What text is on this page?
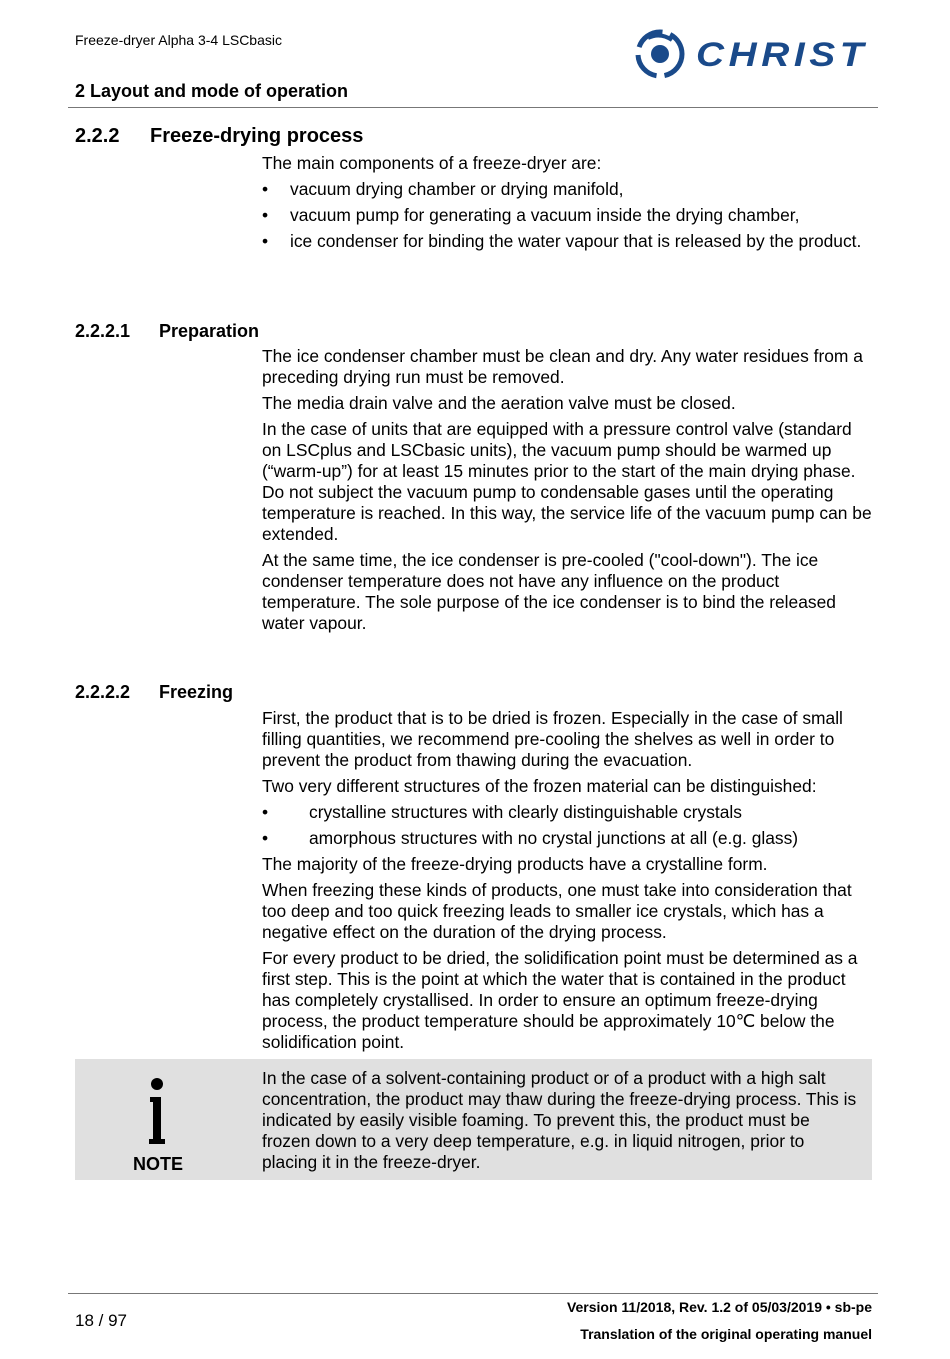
Freeze-dryer Alpha 3-4 LSCbasic
2 Layout and mode of operation
CHRIST
2.2.2 Freeze-drying process

The main components of a freeze-dryer are:

• vacuum drying chamber or drying manifold,
• vacuum pump for generating a vacuum inside the drying chamber,
• ice condenser for binding the water vapour that is released by the product.
2.2.2.1 Preparation

The ice condenser chamber must be clean and dry. Any water residues from a preceding drying run must be removed.

The media drain valve and the aeration valve must be closed.

In the case of units that are equipped with a pressure control valve (standard on LSCplus and LSCbasic units), the vacuum pump should be warmed up (“warm-up”) for at least 15 minutes prior to the start of the main drying phase. Do not subject the vacuum pump to condensable gases until the operating temperature is reached. In this way, the service life of the vacuum pump can be extended.

At the same time, the ice condenser is pre-cooled ("cool-down"). The ice condenser temperature does not have any influence on the product temperature. The sole purpose of the ice condenser is to bind the released water vapour.

2.2.2.2 Freezing

First, the product that is to be dried is frozen. Especially in the case of small filling quantities, we recommend pre-cooling the shelves as well in order to prevent the product from thawing during the evacuation.

Two very different structures of the frozen material can be distinguished:

• crystalline structures with clearly distinguishable crystals
• amorphous structures with no crystal junctions at all (e.g. glass)

The majority of the freeze-drying products have a crystalline form.

When freezing these kinds of products, one must take into consideration that too deep and too quick freezing leads to smaller ice crystals, which has a negative effect on the duration of the drying process.

For every product to be dried, the solidification point must be determined as a first step. This is the point at which the water that is contained in the product has completely crystallised. In order to ensure an optimum freeze-drying process, the product temperature should be approximately 10℃ below the solidification point.

NOTE
In the case of a solvent-containing product or of a product with a high salt concentration, the product may thaw during the freeze-drying process. This is indicated by easily visible foaming. To prevent this, the product must be frozen down to a very deep temperature, e.g. in liquid nitrogen, prior to placing it in the freeze-dryer.
18 / 97
Version 11/2018, Rev. 1.2 of 05/03/2019 • sb-pe
Translation of the original operating manuel
